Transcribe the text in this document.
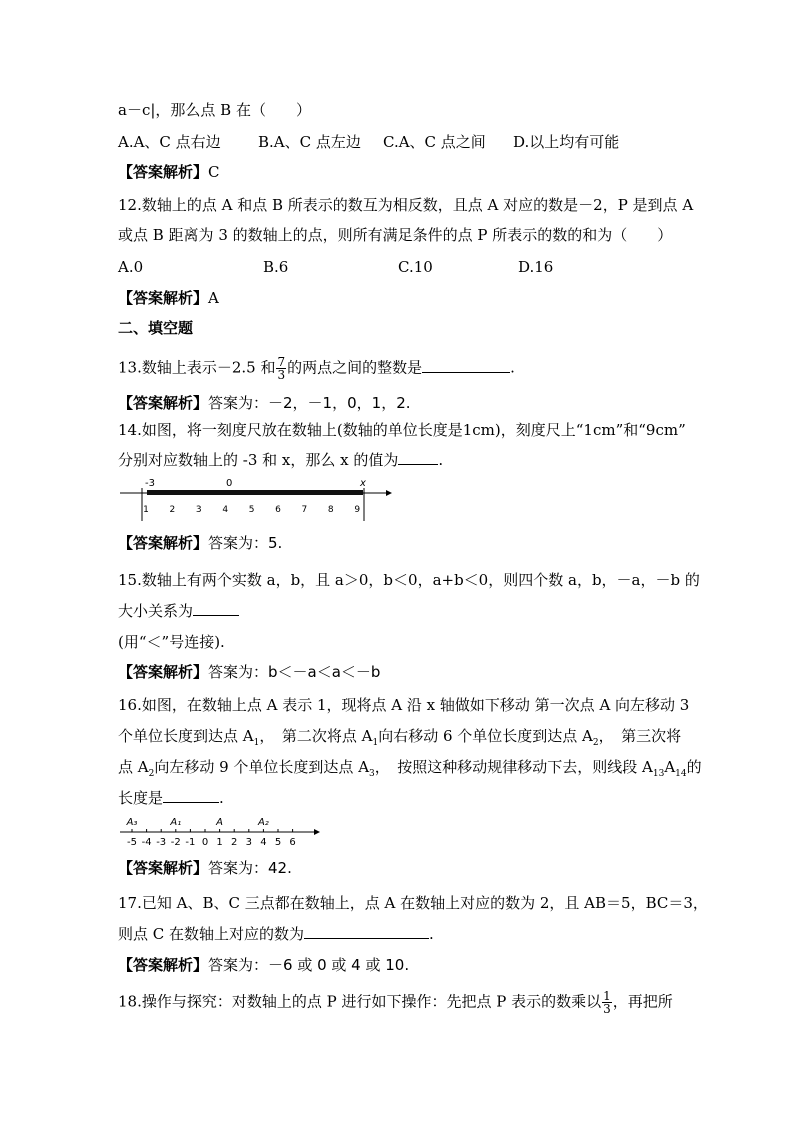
a－c|，那么点 B 在（　　）
A.A、C 点右边 B.A、C 点左边 C.A、C 点之间 D.以上均有可能
【答案解析】C
12.数轴上的点 A 和点 B 所表示的数互为相反数，且点 A 对应的数是－2，P 是到点 A
或点 B 距离为 3 的数轴上的点，则所有满足条件的点 P 所表示的数的和为（　　）
A.0	B.6	C.10	D.16
【答案解析】A
二、填空题
13.数轴上表示－2.5 和 $\frac{7}{3}$ 的两点之间的整数是	.
【答案解析】答案为：－2，－1，0，1，2.
14.如图，将一刻度尺放在数轴上(数轴的单位长度是1cm)，刻度尺上“1cm”和“9cm”
分别对应数轴上的 -3 和 x，那么 x 的值为	.
-3	0	x
1 2 3 4 5 6 7 8 9
【答案解析】答案为：5.
15.数轴上有两个实数 a，b，且 a＞0，b＜0，a+b＜0，则四个数 a，b，－a，－b 的
大小关系为
(用“＜”号连接).
【答案解析】答案为：b＜－a＜a＜－b
16.如图，在数轴上点 A 表示 1，现将点 A 沿 x 轴做如下移动 第一次点 A 向左移动 3
个单位长度到达点 $A_1$，　第二次将点 $A_1$向右移动 6 个单位长度到达点 $A_2$，　第三次将
点 $A_2$向左移动 9 个单位长度到达点 $A_3$，　按照这种移动规律移动下去，则线段 $A_{13}A_{14}$的
长度是	.
-5 -4 -3 -2 -1 0 1 2 3 4 5 6
A₃	A₁	A	A₂
【答案解析】答案为：42.
17.已知 A、B、C 三点都在数轴上，点 A 在数轴上对应的数为 2，且 AB＝5，BC＝3，
则点 C 在数轴上对应的数为	.
【答案解析】答案为：－6 或 0 或 4 或 10.
18.操作与探究：对数轴上的点 P 进行如下操作：先把点 P 表示的数乘以 $\frac{1}{3}$ ，再把所
